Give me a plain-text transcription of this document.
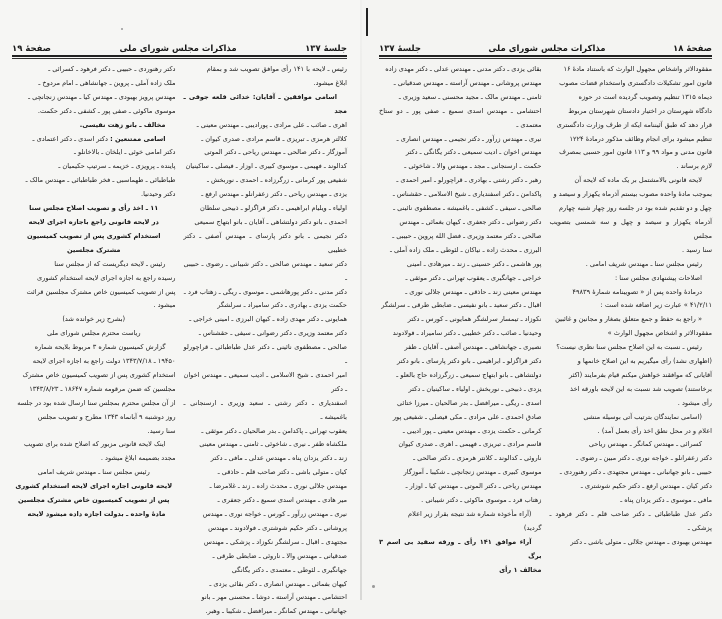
جلسهٔ ۱۳۷
مذاکرات مجلس شورای ملی
صفحهٔ ۱۹

رئیس ـ لایحه با ۱۴۱ رأی موافق تصویب شد و بمقام

ابلاغ میشود.

اسامی موافقین ـ آقایان: خدائی قلعه جوقی ـ مجد

اهری ـ صائب ـ علی مرادی ـ پورادیبی ـ مهندس معینی ـ

کلالتر هرمزی ـ تبریزی ـ قاسم مرادی ـ صدری کیوان ـ

آموزگار ـ دکتر صالحی ـ مهندس ریاحی ـ دکتر الموتی

کدالوند ـ فهیمی ـ موسوی کبیری ـ اوزار ـ فیصلی ـ ساکینیان

شفیعی پور کرمانی ـ زرگرزاده ـ احمدی ـ نوربخش ـ

یزدی ـ مهندس ریاحی ـ دکتر زعفرانلو ـ مهندس ارفع ـ

اولیاء ـ ویلیام ابراهیمی ـ دکتر قراگزلو ـ ذبیحی سلطان

احمدی ـ بانو دکتر دولتشاهی ـ آقایان ـ بانو ابتهاج سمیعی

دکتر نجیمی ـ بانو دکتر پارسای ـ مهندس آصفی ـ دکتر خطیبی

دکتر سعید ـ مهندس صالحی ـ دکتر شیبانی ـ رضوی ـ حبیبی ـ

دکتر مدنی ـ دکتر پورهاشمی ـ موسوی ـ ریگی ـ زهتاب فرد ـ

حکمت یزدی ـ بهادری ـ دکتر سامیراد ـ سرلشگر

همایونی ـ دکتر مهدی زاده ـ کیهان البرزی ـ امینی خراجی ـ

دکتر معتمد وزیری ـ دکتر رضوانی ـ سیفی ـ حقشناس ـ

صالحی ـ مصطفوی نائینی ـ دکتر عدل طباطبائی ـ قراچورلو ـ

امیر احمدی ـ شیخ الاسلامی ـ ادیب سمیعی ـ مهندس اخوان ـ دکتر

اسفندیاری ـ دکتر رشتی ـ سعید وزیری ـ ارسنجانی ـ باغمیشه ـ

یعقوب تهرانی ـ پاکدامن ـ بدر صالحیان ـ دکتر موثقی ـ

ملکشاه ظفر ـ نیری ـ شاخوئی ـ ثامنی ـ مهندس معینی

زند ـ دکتر یزدان پناه ـ مهندس عدلی ـ مافی ـ دکتر

کیان ـ متولی باشی ـ دکتر صاحب قلم ـ حاذقی ـ

مهندس جلالی نوری ـ محدث زاده ـ زند ـ غلامرضا ـ

میر هادی ـ مهندس اسدی سمیع ـ دکتر جعفری ـ

نیری ـ مهندس زرآور ـ کورس ـ خواجه نوری ـ مهندس

پروشانی ـ دکتر حکیم شوشتری ـ فولادوند ـ مهندس

مجتهدی ـ اقبال ـ سرلشگر نکوزاد ـ پزشکی ـ مهندس

صدقیانی ـ مهندس والا ـ ناروئی ـ ضابطی طرقی ـ

جهانگیری ـ لئوطی ـ معتمدی ـ دکتر یگانگی

کیهان بفمائی ـ مهندس انصاری ـ دکتر بقائی یزدی ـ

احتشامی ـ مهندس آراسته ـ دوشا ـ محسنی مهر ـ بانو

جهانبانی ـ مهندس کمانگر ـ میرافضل ـ شکیبا ـ وهبر.

دکتر رهنوردی ـ حبیبی ـ دکتر فرهود ـ کسرائی ـ

ملک زاده آملی ـ پروین ـ جهانشاهی ـ امام مردوخ ـ

مهندس پرویز بهبودی ـ مهندس کیا ـ مهندس زنجانچی ـ

موسوی ماکوئی ـ صفی پور ـ کشفی ـ دکتر حکمت.

مخالف ـ بانو زهت نفیسی.

اسامی ممتنعین : دکتر اسدی ـ دکتر اعتمادی ـ

دکتر امامی خوئی ـ ایلخان ـ بالاخانلو ـ

پاینده ـ پرویزی ـ خزیمه ـ سرتیپ حکیمیان ـ

طباطبائی ـ طهماسبی ـ فخر طباطبائی ـ مهندس مالک ـ

دکتر وحیدنیا.

۱۱ ـ اخذ رأی و تصویب اصلاح مجلس سنا

در لایحه قانونی راجع باجازه اجرای لایحه

استخدام کشوری پس از تصویب کمیسیون

مشترک مجلسین

رئیس ـ لایحه دیگریست که از مجلس سنا

رسیده راجع به اجازه اجرای لایحه استخدام کشوری

پس از تصویب کمیسیون خاص مشترک مجلسین قرائت

میشود .

(بشرح زیر خوانده شد)

ریاست محترم مجلس شورای ملی

گزارش کمیسیون شماره ۳ مربوط بلایحه شماره

۱۹۴۵۰ ـ ۱۳۴۳/۷/۱۸ دولت راجع به اجازه اجرای لایحه

استخدام کشوری پس از تصویب کمیسیون خاص مشترک

مجلسین که ضمن مرقومه شماره ۱۸۶۴۷ ـ ۱۳۴۳/۸/۲۳

از آن مجلس محترم بمجلس سنا ارسال شده بود در جلسه

روز دوشنبه ۹ آبانماه ۱۳۴۳ مطرح و تصویب مجلس

سنا رسید.

اینک لایحه قانونی مزبور که اصلاح شده برای تصویب

مجدد بضمیمه ابلاغ میشود .

رئیس مجلس سنا ـ مهندس شریف امامی

لایحه قانونی اجازه اجرای لایحه استخدام کشوری

پس از تصویب کمیسیون خاص مشترک مجلسین

مادهٔ واحده ـ بدولت اجازه داده میشود لایحه

صفحهٔ ۱۸
مذاکرات مجلس شورای ملی
جلسهٔ ۱۳۷

مفقودالاثر واشخاص مجهول الوارث که باستناد مادهٔ ۱۶

قانون امور تشکیلات دادگستری واستخدام قضات مصوب

دیماه ۱۳۱۵ تنظیم وتصویب گردیده است در حوزه

دادگاه شهرستان در اختیار دادستان شهرستان مربوط

قرار دهد که طبق آئیننامه ایکه از طرف وزارت دادگستری

تنظیم میشود برای انجام وظائف مذکور درمادهٔ ۱۲۲۴

قانون مدنی و مواد ۹۹ و ۱۱۳ قانون امور حسبی بمصرف

لازم برساند .

لایحه قانونی بالامشتمل بر یک ماده که لایحه آن

بموجب مادهٔ واحده مصوب بیستم آذرماه یکهزار و سیصد و

چهل و دو تقدیم شده بود در جلسه روز چهار شنبه چهارم

آذرماه یکهزار و سیصد و چهل و سه شمسی بتصویب مجلس

سنا رسید .

رئیس مجلس سنا ـ مهندس شریف امامی .

اصلاحات پیشنهادی مجلس سنا :

درمادهٔ واحده پس از « تصویبنامه شمارهٔ ۴۹۸۳۹

۴۱/۲/۱۱ » عبارت زیر اضافه شده است :

« راجع به حفظ و جمع متعلق بصغار و مجانین و غائبین

مفقودالاثر و اشخاص مجهول الوارث »

رئیس ـ نسبت به این اصلاح مجلس سنا نظری نیست؟

(اظهاری نشد) رأی میگیریم به این اصلاح خانمها و

آقایانی که موافقند خواهش میکنم قیام بفرمایند (اکثر

برخاستند) تصویب شد نسبت به این لایحه باورقه اخذ

رأی میشود .

(اسامی نمایندگان بترتیب آتی بوسیله منشی

اعلام و در محل نطق اخذ رأی بعمل آمد) .

کسرائی ـ مهندس کمانگر ـ مهندس ریاحی

دکتر زعفرانلو ـ خواجه نوری ـ دکتر مبین ـ رضوی ـ

حبیبی ـ بانو جهانبانی ـ مهندس مجتهدی ـ دکتر رهنوردی ـ

دکتر کیان ـ مهندس ارفع ـ دکتر حکیم شوشتری ـ

مافی ـ موسوی ـ دکتر یزدان پناه ـ

دکتر عدل طباطبائی ـ دکتر صاحب قلم ـ دکتر فرهود ـ پزشکی ـ

مهندس بهبودی ـ مهندس جلالی ـ متولی باشی ـ دکتر

بقائی یزدی ـ دکتر مدنی ـ مهندس عدلی ـ دکتر مهدی زاده

مهندس پروشانی ـ مهندس آراسته ـ مهندس صدقیانی ـ

ثامنی ـ مهندس مالک ـ مجید محسنی ـ سعید وزیری ـ

احتشامی ـ مهندس اسدی سمیع ـ صفی پور ـ دو ستاخ معتمدی ـ

نیری ـ مهندس زرآور ـ دکتر نجیمی ـ مهندس انصاری ـ

مهندس اخوان ـ ادیب سمیعی ـ دکتر یگانگی ـ دکتر

حکمت ـ ارسنجانی ـ مجد ـ مهندس والا ـ شاخوئی ـ

رهبر ـ دکتر رشتی ـ بهادری ـ قراچورلو ـ امیر احمدی ـ

پاکدامن ـ دکتر اسفندیاری ـ شیخ الاسلامی ـ حقشناس ـ

صالحی ـ سیفی ـ کشفی ـ باغمیشه ـ مصطفوی نائینی ـ

دکتر رضوانی ـ دکتر جعفری ـ کیهان بغمائی ـ مهندس

صالحی ـ دکتر معتمد وزیری ـ فضل الله پروین ـ حبیبی ـ

البرزی ـ محدث زاده ـ نیاکان ـ لئوطی ـ ملک زاده آملی ـ

پور هاشمی ـ دکتر حسینی ـ زند ـ میرهادی ـ امینی

خراجی ـ جهانگیری ـ یعقوب تهرانی ـ دکتر موثقی ـ

مهندس معینی زند ـ حاذقی ـ مهندس جلالی نوری ـ

اقبال ـ دکتر سعید ـ بانو نفیسی ـ ضابطی طرقی ـ سرلشگر

نکوزاد ـ تیمسار سرلشگر همایونی ـ کورس ـ دکتر

وحیدنیا ـ صائب ـ دکتر خطیبی ـ دکتر سامیراد ـ فولادوند

نصیری ـ جهانشاهی ـ مهندس آصفی ـ آقایان ـ ظفر

دکتر قراگزلو ـ ابراهیمی ـ بانو دکتر پارسای ـ بانو دکتر

دولتشاهی ـ بانو ابتهاج سمیعی ـ زرگرزاده حاج بالعلو ـ

یزدی ـ ذبیحی ـ نوربخش ـ اولیاء ـ ساکینیان ـ دکتر

اسدی ـ ریگی ـ میرافضل ـ بدر صالحیان ـ میرزا ختائی

صادق احمدی ـ علی مرادی ـ مکی فیصلی ـ شفیعی پور

کرمانی ـ حکمت یزدی ـ مهندس معینی ـ پور ادیبی ـ

قاسم مرادی ـ تبریزی ـ فهیمی ـ اهری ـ صدری کیوان

ناروئی ـ کدالوند ـ کلانتر هرمزی ـ دکتر صالحی ـ

موسوی کبیری ـ مهندس زنجانچی ـ شکیبا ـ آموزگار

مهندس ریاحی ـ دکتر الموتی ـ مهندس کیا ـ اوزار ـ

زهتاب فرد ـ موسوی ماکوئی ـ دکتر شیبانی .

(آراء مأخوذه شماره شد نتیجه بقرار زیر اعلام

گردید)

آراء موافق ۱۴۱ رأی ـ ورقه سفید بی اسم ۳ برگ

مخالف ۱ رأی
